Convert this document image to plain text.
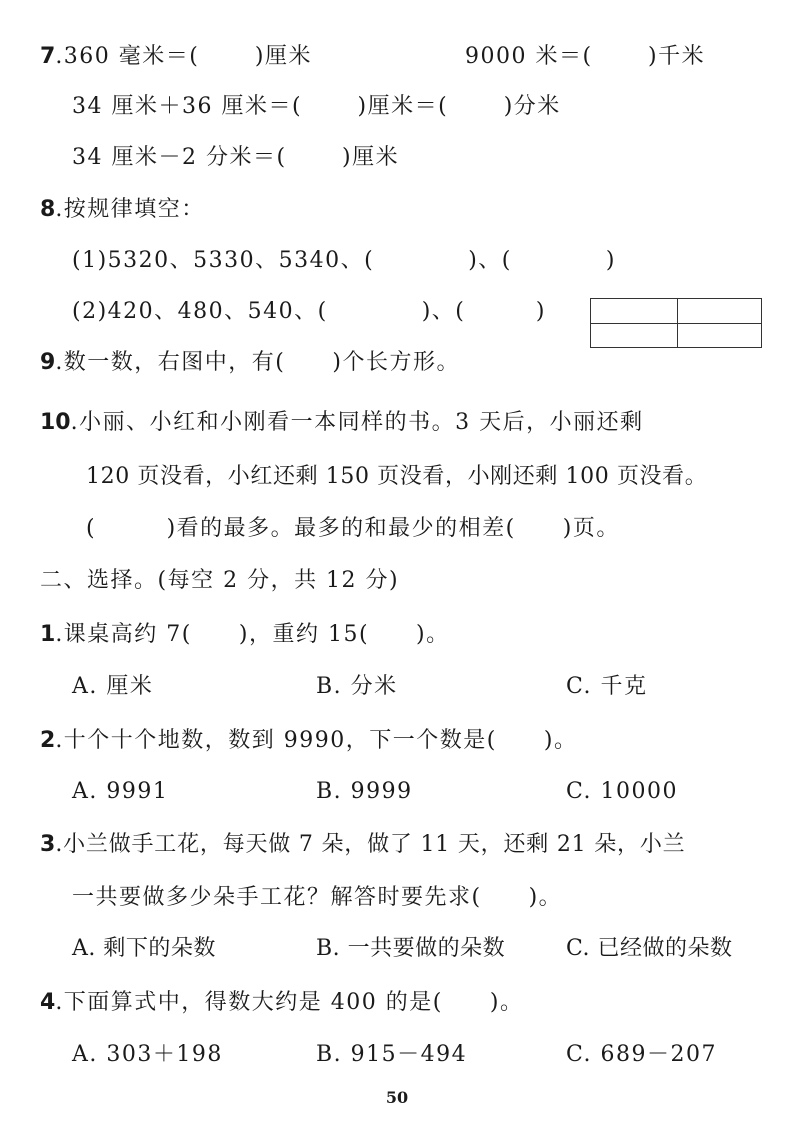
7.360 毫米＝(　　 )厘米	9000 米＝(　　 )千米
34 厘米＋36 厘米＝(　　 )厘米＝(　　 )分米
34 厘米－2 分米＝(　　 )厘米
8.按规律填空：
(1)5320、5330、5340、(　　　　)、(　　　　)
(2)420、480、540、(　　　　)、(　　　)
9.数一数，右图中，有(　　)个长方形。
10.小丽、小红和小刚看一本同样的书。3 天后，小丽还剩
120 页没看，小红还剩 150 页没看，小刚还剩 100 页没看。
(　　　)看的最多。最多的和最少的相差(　　)页。
二、选择。(每空 2 分，共 12 分)
1.课桌高约 7(　　)，重约 15(　　)。
A. 厘米	B. 分米	C. 千克
2.十个十个地数，数到 9990，下一个数是(　　)。
A. 9991	B. 9999	C. 10000
3.小兰做手工花，每天做 7 朵，做了 11 天，还剩 21 朵，小兰
一共要做多少朵手工花？解答时要先求(　　)。
A. 剩下的朵数	B. 一共要做的朵数	C. 已经做的朵数
4.下面算式中，得数大约是 400 的是(　　)。
A. 303＋198	B. 915－494	C. 689－207
50
